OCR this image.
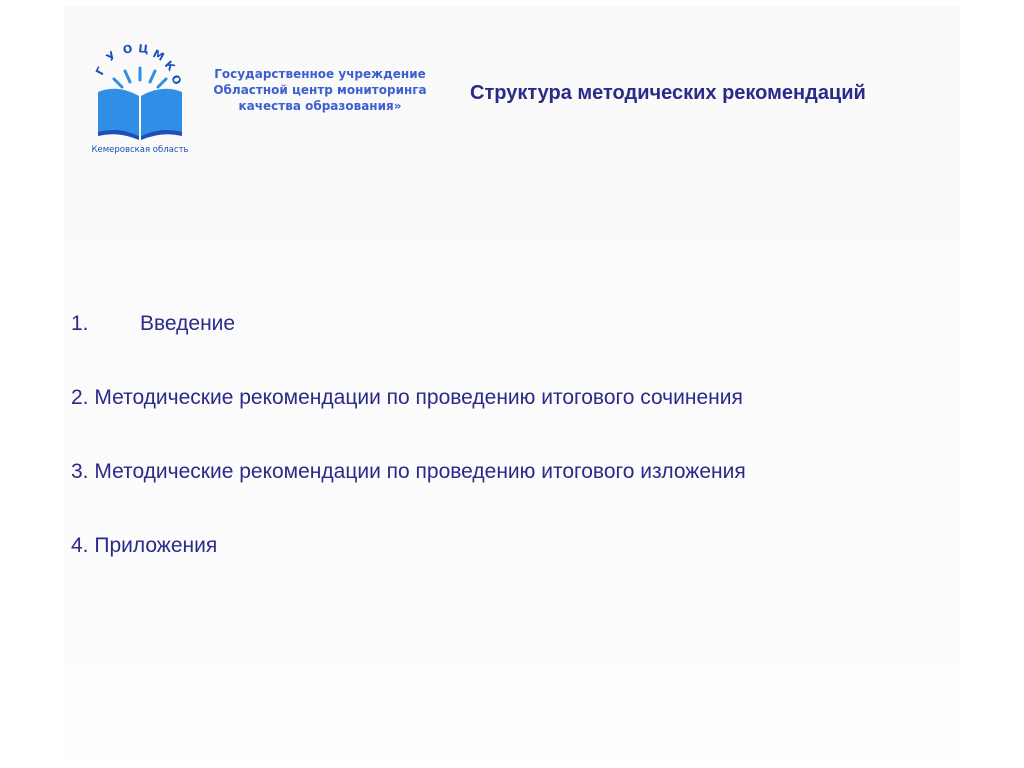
Г
У О Ц М
К
О
Кемеровская область
Государственное учреждение
Областной центр мониторинга
качества образования»
Структура методических рекомендаций
1. Введение
2. Методические рекомендации по проведению итогового сочинения
3. Методические рекомендации по проведению итогового изложения
4. Приложения
